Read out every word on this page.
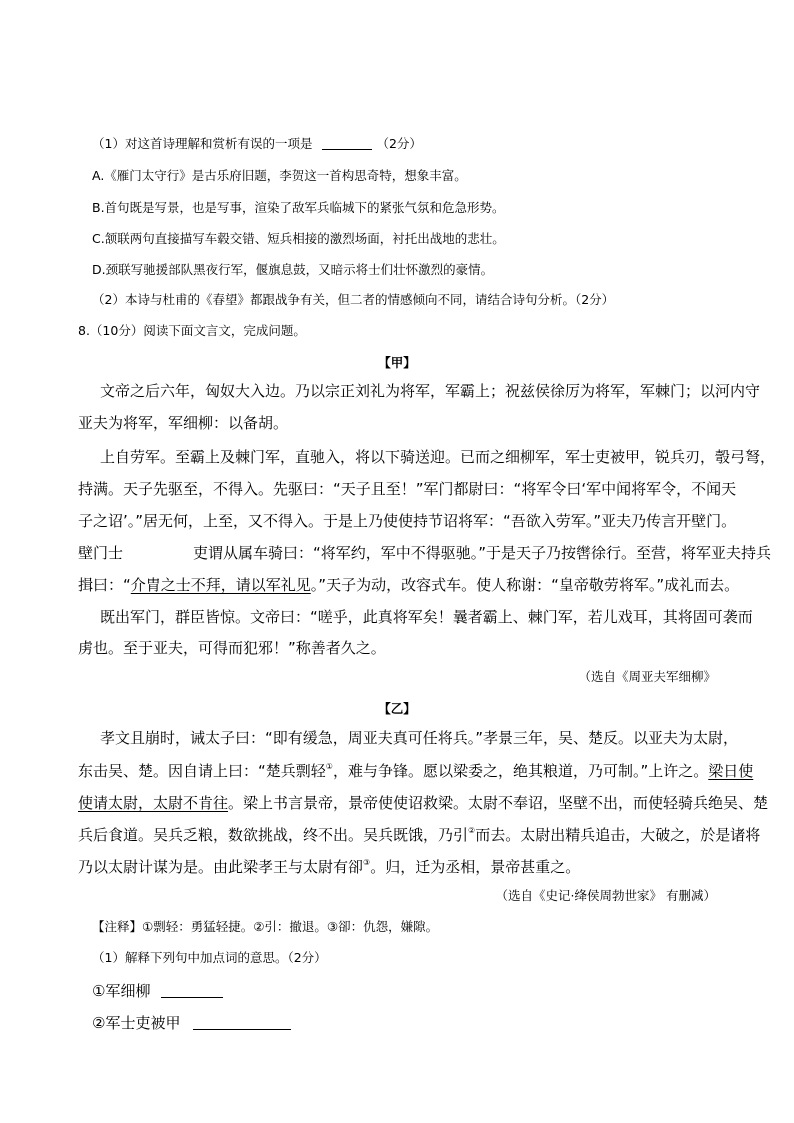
（1）对这首诗理解和赏析有误的一项是	（2分）
A.《雁门太守行》是古乐府旧题，李贺这一首构思奇特，想象丰富。
B.首句既是写景，也是写事，渲染了敌军兵临城下的紧张气氛和危急形势。
C.颔联两句直接描写车毂交错、短兵相接的激烈场面，衬托出战地的悲壮。
D.颈联写驰援部队黑夜行军，偃旗息鼓，又暗示将士们壮怀激烈的豪情。
（2）本诗与杜甫的《春望》都跟战争有关，但二者的情感倾向不同，请结合诗句分析。（2分）
8.（10分）阅读下面文言文，完成问题。
【甲】
文帝之后六年，匈奴大入边。乃以宗正刘礼为将军，军霸上；祝兹侯徐厉为将军，军棘门；以河内守
亚夫为将军，军细柳：以备胡。
上自劳军。至霸上及棘门军，直驰入，将以下骑送迎。已而之细柳军，军士吏被甲，锐兵刃，彀弓弩，
持满。天子先驱至，不得入。先驱曰：“天子且至！”军门都尉曰：“将军令曰‘军中闻将军令，不闻天
子之诏’。”居无何，上至，又不得入。于是上乃使使持节诏将军：“吾欲入劳军。”亚夫乃传言开壁门。
壁门士	吏谓从属车骑曰：“将军约，军中不得驱驰。”于是天子乃按辔徐行。至营，将军亚夫持兵
揖曰：“介胄之士不拜，请以军礼见。”天子为动，改容式车。使人称谢：“皇帝敬劳将军。”成礼而去。
既出军门，群臣皆惊。文帝曰：“嗟乎，此真将军矣！曩者霸上、棘门军，若儿戏耳，其将固可袭而
虏也。至于亚夫，可得而犯邪！”称善者久之。
（选自《周亚夫军细柳》
【乙】
孝文且崩时，诫太子曰：“即有缓急，周亚夫真可任将兵。”孝景三年，吴、楚反。以亚夫为太尉，
东击吴、楚。因自请上曰：“楚兵剽轻①，难与争锋。愿以梁委之，绝其粮道，乃可制。”上许之。梁日使
使请太尉，太尉不肯往。梁上书言景帝，景帝使使诏救梁。太尉不奉诏，坚壁不出，而使轻骑兵绝吴、楚
兵后食道。吴兵乏粮，数欲挑战，终不出。吴兵既饿，乃引②而去。太尉出精兵追击，大破之，於是诸将
乃以太尉计谋为是。由此梁孝王与太尉有卻③。归，迁为丞相，景帝甚重之。
（选自《史记·绛侯周勃世家》 有删减）
【注释】①剽轻：勇猛轻捷。②引：撤退。③卻：仇怨，嫌隙。
（1）解释下列句中加点词的意思。（2分）
①军细柳
②军士吏被甲
